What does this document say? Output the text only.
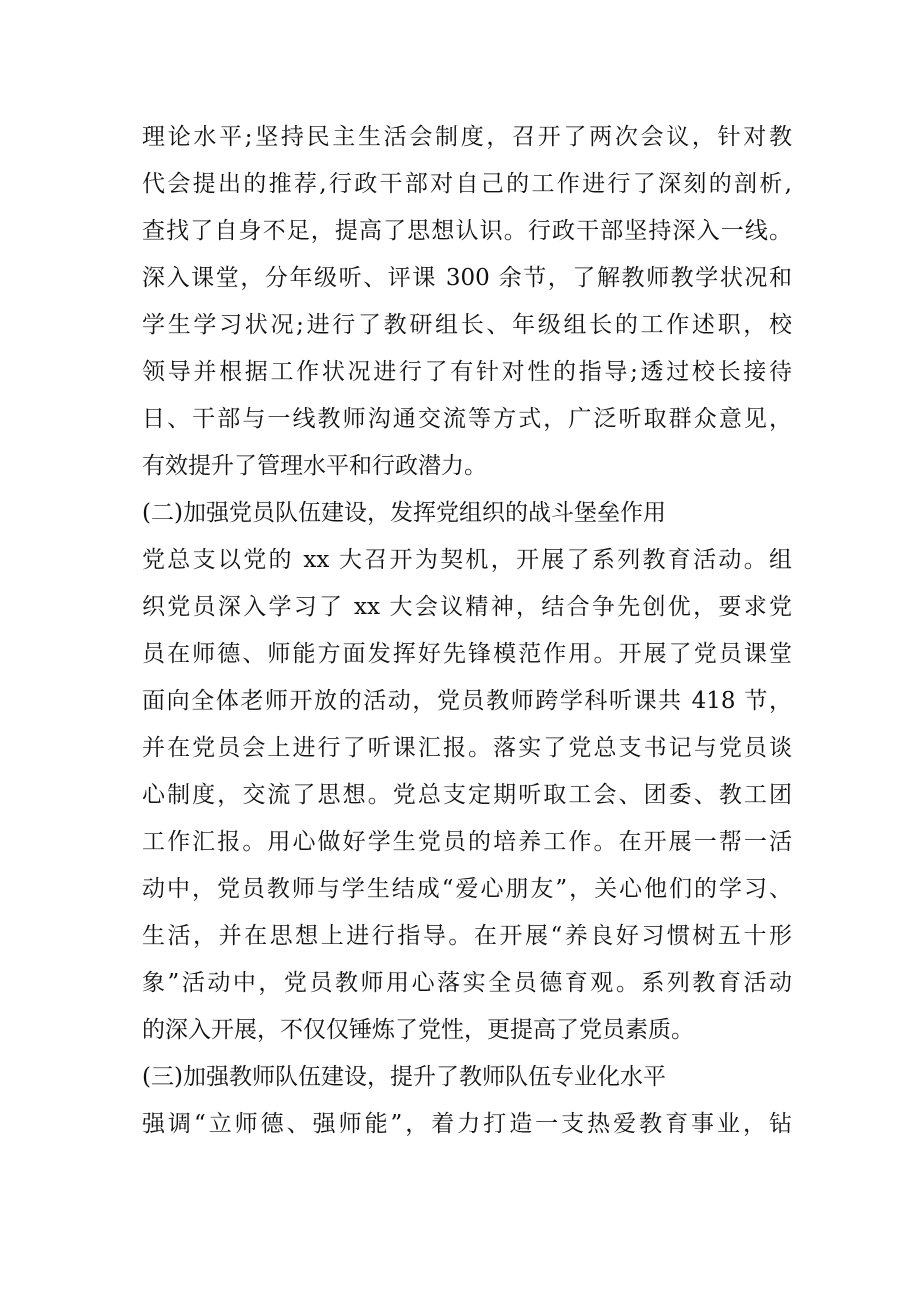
理论水平;坚持民主生活会制度，召开了两次会议，针对教
代会提出的推荐,行政干部对自己的工作进行了深刻的剖析,
查找了自身不足，提高了思想认识。行政干部坚持深入一线。
深入课堂，分年级听、评课 300 余节，了解教师教学状况和
学生学习状况;进行了教研组长、年级组长的工作述职，校
领导并根据工作状况进行了有针对性的指导;透过校长接待
日、干部与一线教师沟通交流等方式，广泛听取群众意见，
有效提升了管理水平和行政潜力。
(二)加强党员队伍建设，发挥党组织的战斗堡垒作用
党总支以党的 xx 大召开为契机，开展了系列教育活动。组
织党员深入学习了 xx 大会议精神，结合争先创优，要求党
员在师德、师能方面发挥好先锋模范作用。开展了党员课堂
面向全体老师开放的活动，党员教师跨学科听课共 418 节，
并在党员会上进行了听课汇报。落实了党总支书记与党员谈
心制度，交流了思想。党总支定期听取工会、团委、教工团
工作汇报。用心做好学生党员的培养工作。在开展一帮一活
动中，党员教师与学生结成“爱心朋友”，关心他们的学习、
生活，并在思想上进行指导。在开展“养良好习惯树五十形
象”活动中，党员教师用心落实全员德育观。系列教育活动
的深入开展，不仅仅锤炼了党性，更提高了党员素质。
(三)加强教师队伍建设，提升了教师队伍专业化水平
强调“立师德、强师能”，着力打造一支热爱教育事业，钻
